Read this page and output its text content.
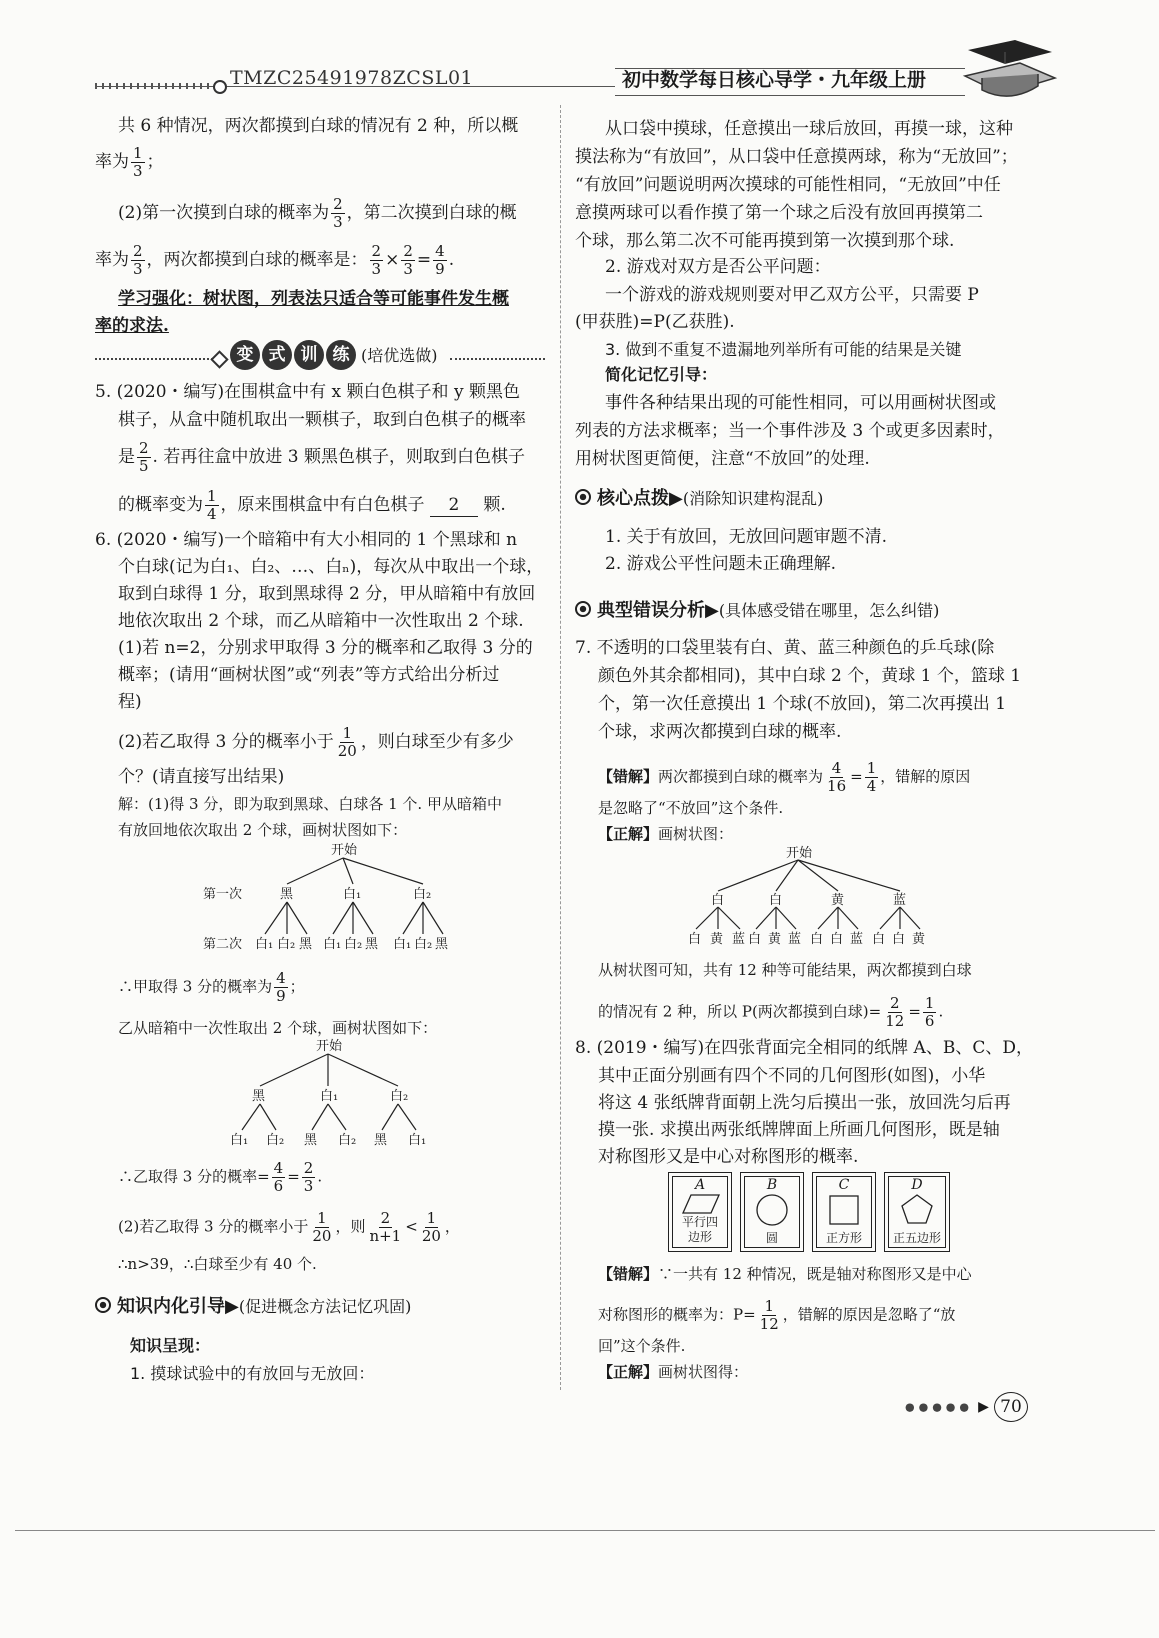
TMZC25491978ZCSL01	初中数学每日核心导学・九年级上册
共 6 种情况，两次都摸到白球的情况有 2 种，所以概
率为 $\frac{1}{3}$ ；
(2)第一次摸到白球的概率为 $\frac{2}{3}$ ，第二次摸到白球的概
率为 $\frac{2}{3}$ ，两次都摸到白球的概率是： $\frac{2}{3} \times \frac{2}{3} = \frac{4}{9}$ .
学习强化：树状图，列表法只适合等可能事件发生概
率的求法.
变 式 训 练 (培优选做)
5. (2020・编写)在围棋盒中有 x 颗白色棋子和 y 颗黑色
棋子，从盒中随机取出一颗棋子，取到白色棋子的概率
是 $\frac{2}{5}$ . 若再往盒中放进 3 颗黑色棋子，则取到白色棋子
的概率变为 $\frac{1}{4}$ ，原来围棋盒中有白色棋子 2 颗.
6. (2020・编写)一个暗箱中有大小相同的 1 个黑球和 n
个白球(记为白₁、白₂、…、白ₙ)，每次从中取出一个球，
取到白球得 1 分，取到黑球得 2 分，甲从暗箱中有放回
地依次取出 2 个球，而乙从暗箱中一次性取出 2 个球.
(1)若 n=2，分别求甲取得 3 分的概率和乙取得 3 分的
概率；(请用“画树状图”或“列表”等方式给出分析过
程)
(2)若乙取得 3 分的概率小于 $\frac{1}{20}$ ，则白球至少有多少
个？(请直接写出结果)
解：(1)得 3 分，即为取到黑球、白球各 1 个. 甲从暗箱中
有放回地依次取出 2 个球，画树状图如下：
开始
第一次
第二次
黑	白₁	白₂
白₁ 白₂ 黑 白₁ 白₂ 黑 白₁ 白₂ 黑
∴甲取得 3 分的概率为 $\frac{4}{9}$ ；
乙从暗箱中一次性取出 2 个球，画树状图如下：
开始
黑	白₁	白₂
白₁ 白₂ 黑 白₂ 黑 白₁
∴乙取得 3 分的概率= $\frac{4}{6} = \frac{2}{3}$ .
(2)若乙取得 3 分的概率小于 $\frac{1}{20}$ ，则 $\frac{2}{n+1} < \frac{1}{20}$ ，
∴n>39，∴白球至少有 40 个.
知识内化引导▶(促进概念方法记忆巩固)
知识呈现：
1. 摸球试验中的有放回与无放回：
从口袋中摸球，任意摸出一球后放回，再摸一球，这种
摸法称为“有放回”，从口袋中任意摸两球，称为“无放回”；
“有放回”问题说明两次摸球的可能性相同，“无放回”中任
意摸两球可以看作摸了第一个球之后没有放回再摸第二
个球，那么第二次不可能再摸到第一次摸到那个球.
2. 游戏对双方是否公平问题：
一个游戏的游戏规则要对甲乙双方公平，只需要 P
(甲获胜)=P(乙获胜).
3. 做到不重复不遗漏地列举所有可能的结果是关键
简化记忆引导：
事件各种结果出现的可能性相同，可以用画树状图或
列表的方法求概率；当一个事件涉及 3 个或更多因素时，
用树状图更简便，注意“不放回”的处理.
核心点拨▶(消除知识建构混乱)
1. 关于有放回，无放回问题审题不清.
2. 游戏公平性问题未正确理解.
典型错误分析▶(具体感受错在哪里，怎么纠错)
7. 不透明的口袋里装有白、黄、蓝三种颜色的乒乓球(除
颜色外其余都相同)，其中白球 2 个，黄球 1 个，篮球 1
个，第一次任意摸出 1 个球(不放回)，第二次再摸出 1
个球，求两次都摸到白球的概率.
【错解】两次都摸到白球的概率为 $\frac{4}{16} = \frac{1}{4}$ ，错解的原因
是忽略了“不放回”这个条件.
【正解】画树状图：
开始
白	白	黄	蓝
白 黄 蓝 白 黄 蓝 白 白 蓝 白 白 黄
从树状图可知，共有 12 种等可能结果，两次都摸到白球
的情况有 2 种，所以 P(两次都摸到白球)= $\frac{2}{12} = \frac{1}{6}$ .
8. (2019・编写)在四张背面完全相同的纸牌 A、B、C、D，
其中正面分别画有四个不同的几何图形(如图)，小华
将这 4 张纸牌背面朝上洗匀后摸出一张，放回洗匀后再
摸一张. 求摸出两张纸牌牌面上所画几何图形，既是轴
对称图形又是中心对称图形的概率.
A
平行四边形
B
圆
C
正方形
D
正五边形
【错解】∵一共有 12 种情况，既是轴对称图形又是中心
对称图形的概率为：$P= \frac{1}{12}$ ，错解的原因是忽略了“放
回”这个条件.
【正解】画树状图得：
●●●●● ▶ 70
